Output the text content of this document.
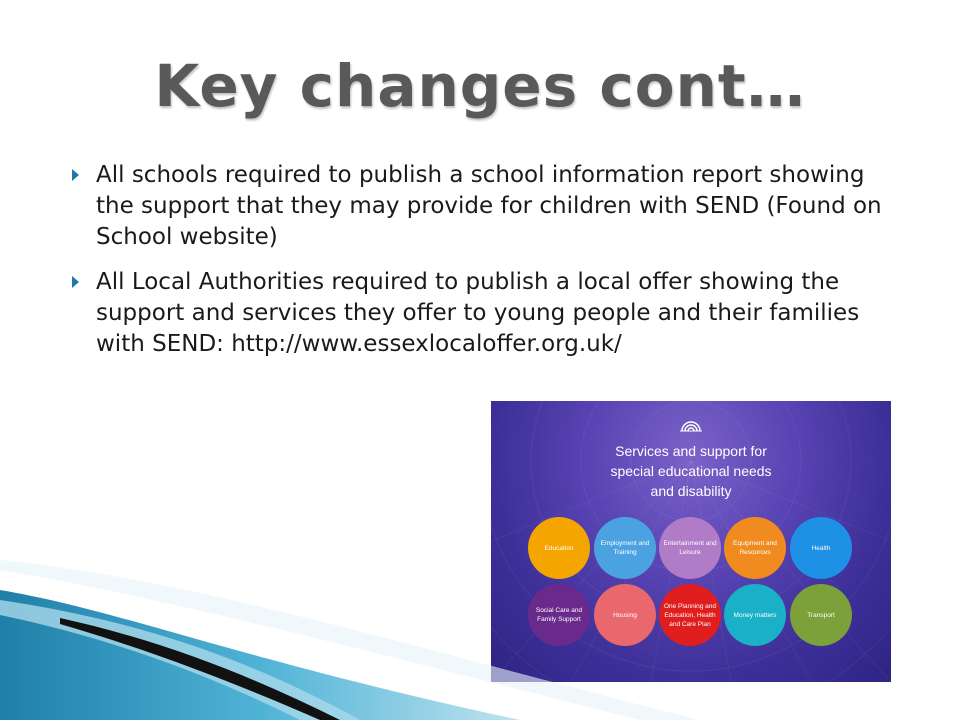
Key changes cont…
All schools required to publish a school information report showing the support that they may provide for children with SEND (Found on School website)
All Local Authorities required to publish a local offer showing the support and services they offer to young people and their families with SEND: http://www.essexlocaloffer.org.uk/
Services and support for
special educational needs
and disability
Education
Employment and Training
Entertainment and Leisure
Equipment and Resources
Health
Social Care and Family Support
Housing
One Planning and Education, Health and Care Plan
Money matters	Transport
